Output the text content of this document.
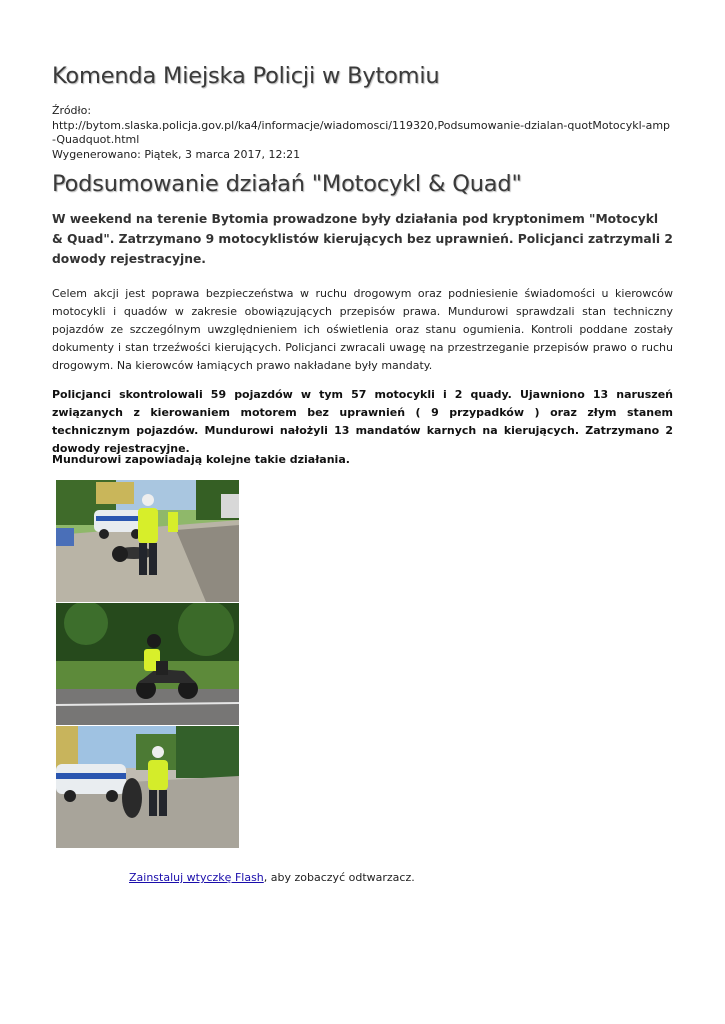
Komenda Miejska Policji w Bytomiu
Źródło:
http://bytom.slaska.policja.gov.pl/ka4/informacje/wiadomosci/119320,Podsumowanie-dzialan-quotMotocykl-amp-Quadquot.html
Wygenerowano: Piątek, 3 marca 2017, 12:21
Podsumowanie działań "Motocykl & Quad"

W weekend na terenie Bytomia prowadzone były działania pod kryptonimem "Motocykl & Quad". Zatrzymano 9 motocyklistów kierujących bez uprawnień. Policjanci zatrzymali 2 dowody rejestracyjne.

Celem akcji jest poprawa bezpieczeństwa w ruchu drogowym oraz podniesienie świadomości u kierowców motocykli i quadów w zakresie obowiązujących przepisów prawa. Mundurowi sprawdzali stan techniczny pojazdów ze szczególnym uwzględnieniem ich oświetlenia oraz stanu ogumienia. Kontroli poddane zostały dokumenty i stan trzeźwości kierujących. Policjanci zwracali uwagę na przestrzeganie przepisów prawo o ruchu drogowym. Na kierowców łamiących prawo nakładane były mandaty.

Policjanci skontrolowali 59 pojazdów w tym 57 motocykli i 2 quady. Ujawniono 13 naruszeń związanych z kierowaniem motorem bez uprawnień ( 9 przypadków ) oraz złym stanem technicznym pojazdów. Mundurowi nałożyli 13 mandatów karnych na kierujących. Zatrzymano 2 dowody rejestracyjne.

Mundurowi zapowiadają kolejne takie działania.

Zainstaluj wtyczkę Flash, aby zobaczyć odtwarzacz.
